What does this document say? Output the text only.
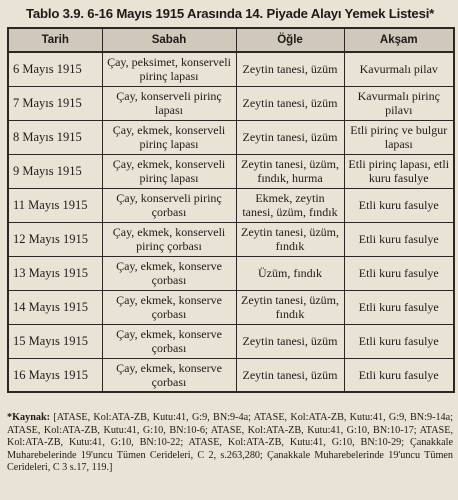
Tablo 3.9. 6-16 Mayıs 1915 Arasında 14. Piyade Alayı Yemek Listesi*
Tarih	Sabah	Öğle	Akşam
6 Mayıs 1915	Çay, peksimet, konserveli pirinç lapası	Zeytin tanesi, üzüm	Kavurmalı pilav
7 Mayıs 1915	Çay, konserveli pirinç lapası	Zeytin tanesi, üzüm	Kavurmalı pirinç pilavı
8 Mayıs 1915	Çay, ekmek, konserveli pirinç lapası	Zeytin tanesi, üzüm	Etli pirinç ve bulgur lapası
9 Mayıs 1915	Çay, ekmek, konserveli pirinç lapası	Zeytin tanesi, üzüm, fındık, hurma	Etli pirinç lapası, etli kuru fasulye
11 Mayıs 1915	Çay, konserveli pirinç çorbası	Ekmek, zeytin tanesi, üzüm, fındık	Etli kuru fasulye
12 Mayıs 1915	Çay, ekmek, konserveli pirinç çorbası	Zeytin tanesi, üzüm, fındık	Etli kuru fasulye
13 Mayıs 1915	Çay, ekmek, konserve çorbası	Üzüm, fındık	Etli kuru fasulye
14 Mayıs 1915	Çay, ekmek, konserve çorbası	Zeytin tanesi, üzüm, fındık	Etli kuru fasulye
15 Mayıs 1915	Çay, ekmek, konserve çorbası	Zeytin tanesi, üzüm	Etli kuru fasulye
16 Mayıs 1915	Çay, ekmek, konserve çorbası	Zeytin tanesi, üzüm	Etli kuru fasulye
*Kaynak: [ATASE, Kol:ATA-ZB, Kutu:41, G:9, BN:9-4a; ATASE, Kol:ATA-ZB, Kutu:41, G:9, BN:9-14a; ATASE, Kol:ATA-ZB, Kutu:41, G:10, BN:10-6; ATASE, Kol:ATA-ZB, Kutu:41, G:10, BN:10-17; ATASE, Kol:ATA-ZB, Kutu:41, G:10, BN:10-22; ATASE, Kol:ATA-ZB, Kutu:41, G:10, BN:10-29; Çanakkale Muharebelerinde 19'uncu Tümen Cerideleri, C 2, s.263,280; Çanakkale Muharebelerinde 19'uncu Tümen Cerideleri, C 3 s.17, 119.]
